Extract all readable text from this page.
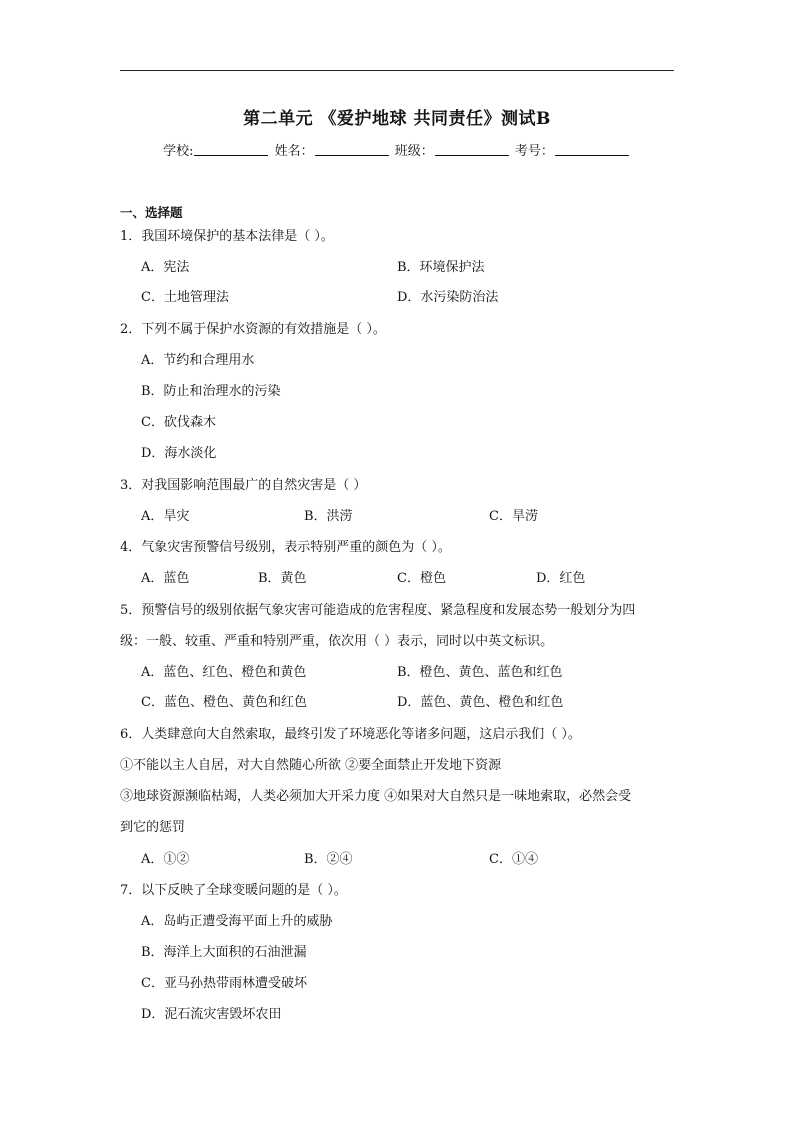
第二单元 《爱护地球 共同责任》测试B
学校:	姓名：	班级：	考号：
一、选择题
1．我国环境保护的基本法律是（ ）。
A．宪法	B．环境保护法
C．土地管理法	D．水污染防治法
2．下列不属于保护水资源的有效措施是（ ）。
A．节约和合理用水
B．防止和治理水的污染
C．砍伐森木
D．海水淡化
3．对我国影响范围最广的自然灾害是（ ）
A．旱灾	B．洪涝	C．旱涝
4．气象灾害预警信号级别，表示特别严重的颜色为（ ）。
A．蓝色	B．黄色	C．橙色	D．红色
5．预警信号的级别依据气象灾害可能造成的危害程度、紧急程度和发展态势一般划分为四
级：一般、较重、严重和特别严重，依次用（ ）表示，同时以中英文标识。
A．蓝色、红色、橙色和黄色	B．橙色、黄色、蓝色和红色
C．蓝色、橙色、黄色和红色	D．蓝色、黄色、橙色和红色
6．人类肆意向大自然索取，最终引发了环境恶化等诸多问题，这启示我们（ ）。
①不能以主人自居，对大自然随心所欲 ②要全面禁止开发地下资源
③地球资源濒临枯竭，人类必须加大开采力度 ④如果对大自然只是一味地索取，必然会受
到它的惩罚
A．①②	B．②④	C．①④
7．以下反映了全球变暖问题的是（ ）。
A．岛屿正遭受海平面上升的威胁
B．海洋上大面积的石油泄漏
C．亚马孙热带雨林遭受破坏
D．泥石流灾害毁坏农田
